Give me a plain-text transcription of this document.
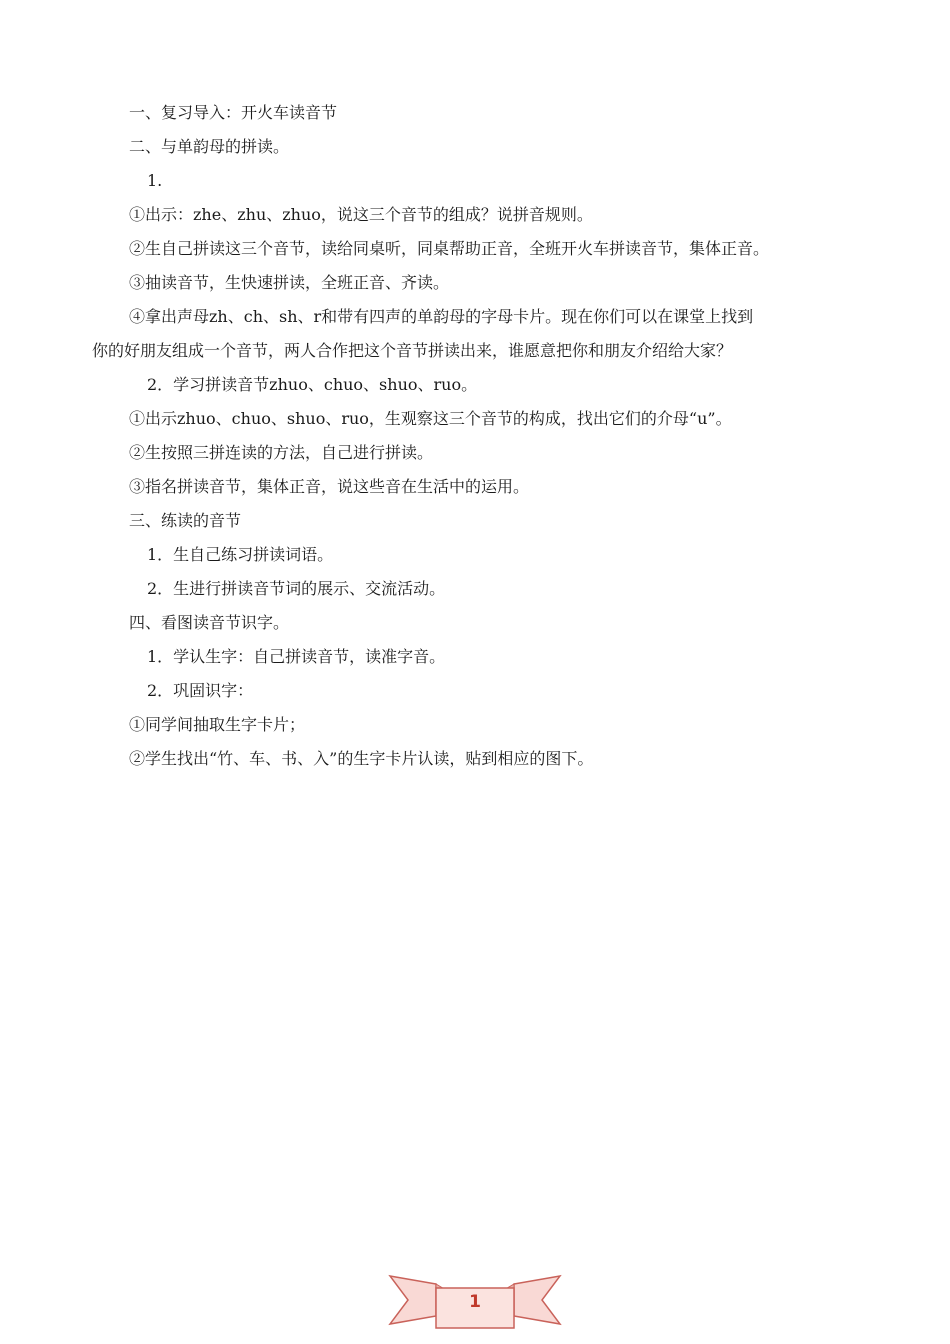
一、复习导入：开火车读音节
二、与单韵母的拼读。
1.
①出示：zhe、zhu、zhuo，说这三个音节的组成？说拼音规则。
②生自己拼读这三个音节，读给同桌听，同桌帮助正音，全班开火车拼读音节，集体正音。
③抽读音节，生快速拼读，全班正音、齐读。
④拿出声母zh、ch、sh、r和带有四声的单韵母的字母卡片。现在你们可以在课堂上找到
你的好朋友组成一个音节，两人合作把这个音节拼读出来，谁愿意把你和朋友介绍给大家？
2．学习拼读音节zhuo、chuo、shuo、ruo。
①出示zhuo、chuo、shuo、ruo，生观察这三个音节的构成，找出它们的介母“u”。
②生按照三拼连读的方法，自己进行拼读。
③指名拼读音节，集体正音，说这些音在生活中的运用。
三、练读的音节
1．生自己练习拼读词语。
2．生进行拼读音节词的展示、交流活动。
四、看图读音节识字。
1．学认生字：自己拼读音节，读准字音。
2．巩固识字：
①同学间抽取生字卡片；
②学生找出“竹、车、书、入”的生字卡片认读，贴到相应的图下。
1
